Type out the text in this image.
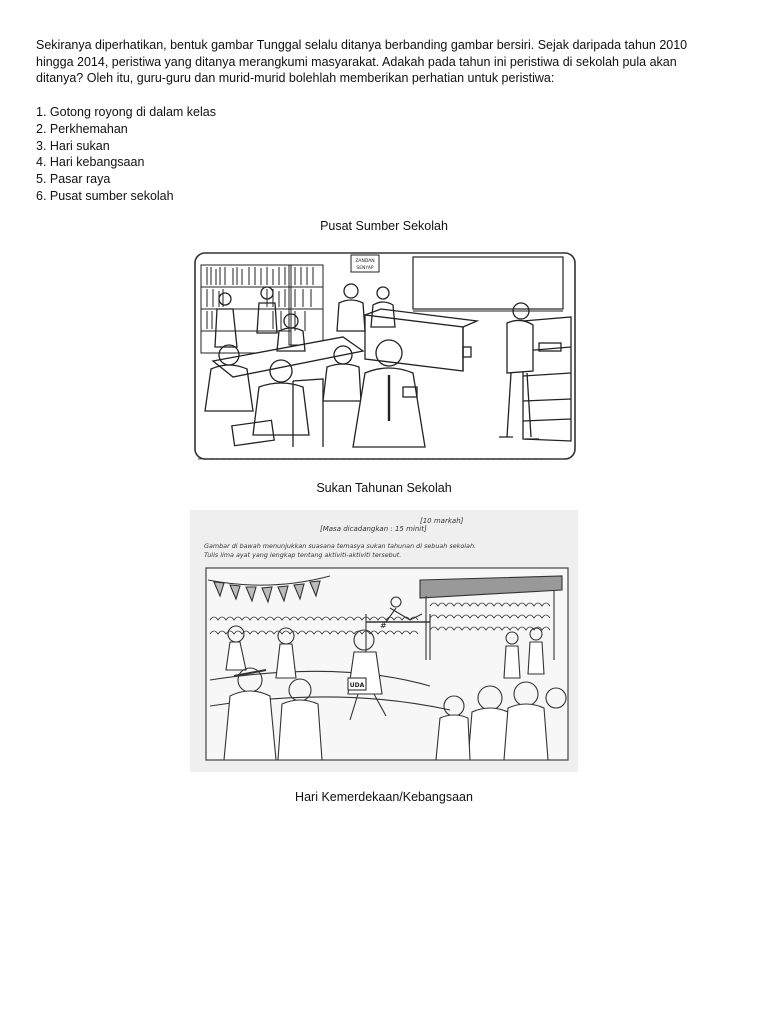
Sekiranya diperhatikan, bentuk gambar Tunggal selalu ditanya berbanding gambar bersiri. Sejak daripada tahun 2010 hingga 2014, peristiwa yang ditanya merangkumi masyarakat. Adakah pada tahun ini peristiwa di sekolah pula akan ditanya? Oleh itu, guru-guru dan murid-murid bolehlah memberikan perhatian untuk peristiwa:

1. Gotong royong di dalam kelas
2. Perkhemahan
3. Hari sukan
4. Hari kebangsaan
5. Pasar raya
6. Pusat sumber sekolah

Pusat Sumber Sekolah

ZANDAN
SENYAP

Sukan Tahunan Sekolah

[10 markah]
[Masa dicadangkan : 15 minit]
Gambar di bawah menunjukkan suasana temasya sukan tahunan di sebuah sekolah.
Tulis lima ayat yang lengkap tentang aktiviti-aktiviti tersebut.
UDA
#

Hari Kemerdekaan/Kebangsaan
